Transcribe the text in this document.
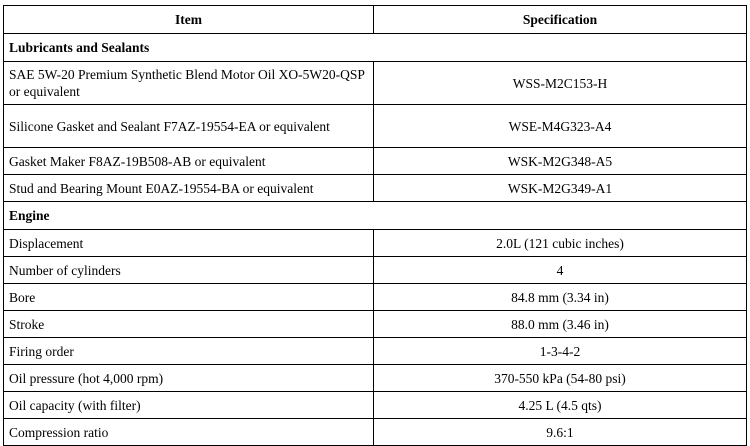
Item	Specification
Lubricants and Sealants	
SAE 5W-20 Premium Synthetic Blend Motor Oil XO-5W20-QSP or equivalent	WSS-M2C153-H
Silicone Gasket and Sealant F7AZ-19554-EA or equivalent	WSE-M4G323-A4
Gasket Maker F8AZ-19B508-AB or equivalent	WSK-M2G348-A5
Stud and Bearing Mount E0AZ-19554-BA or equivalent	WSK-M2G349-A1
Engine	
Displacement	2.0L (121 cubic inches)
Number of cylinders	4
Bore	84.8 mm (3.34 in)
Stroke	88.0 mm (3.46 in)
Firing order	1-3-4-2
Oil pressure (hot 4,000 rpm)	370-550 kPa (54-80 psi)
Oil capacity (with filter)	4.25 L (4.5 qts)
Compression ratio	9.6:1
